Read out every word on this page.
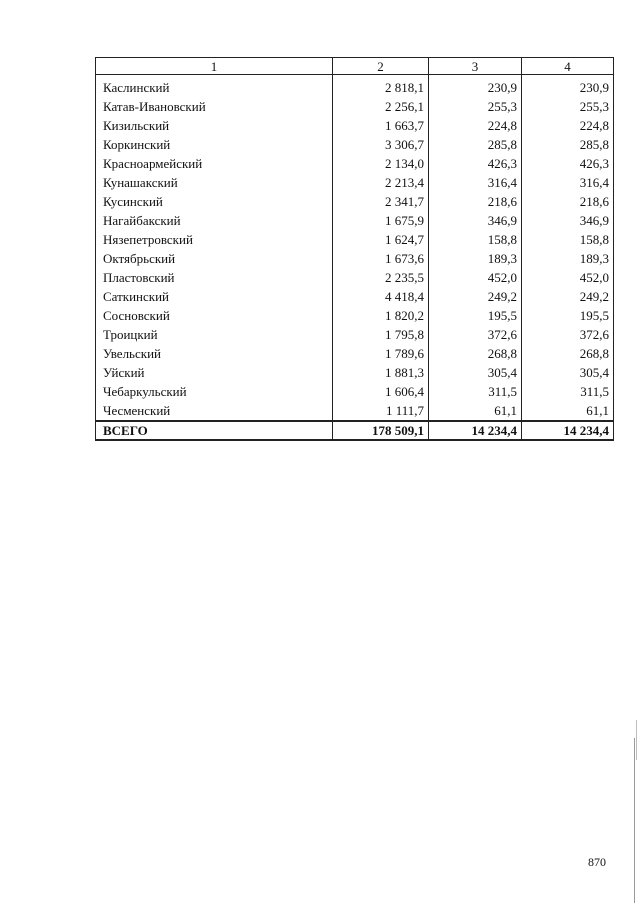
1	2	3	4
Каслинский	2 818,1	230,9	230,9
Катав-Ивановский	2 256,1	255,3	255,3
Кизильский	1 663,7	224,8	224,8
Коркинский	3 306,7	285,8	285,8
Красноармейский	2 134,0	426,3	426,3
Кунашакский	2 213,4	316,4	316,4
Кусинский	2 341,7	218,6	218,6
Нагайбакский	1 675,9	346,9	346,9
Нязепетровский	1 624,7	158,8	158,8
Октябрьский	1 673,6	189,3	189,3
Пластовский	2 235,5	452,0	452,0
Саткинский	4 418,4	249,2	249,2
Сосновский	1 820,2	195,5	195,5
Троицкий	1 795,8	372,6	372,6
Увельский	1 789,6	268,8	268,8
Уйский	1 881,3	305,4	305,4
Чебаркульский	1 606,4	311,5	311,5
Чесменский	1 111,7	61,1	61,1
ВСЕГО	178 509,1	14 234,4	14 234,4
870
